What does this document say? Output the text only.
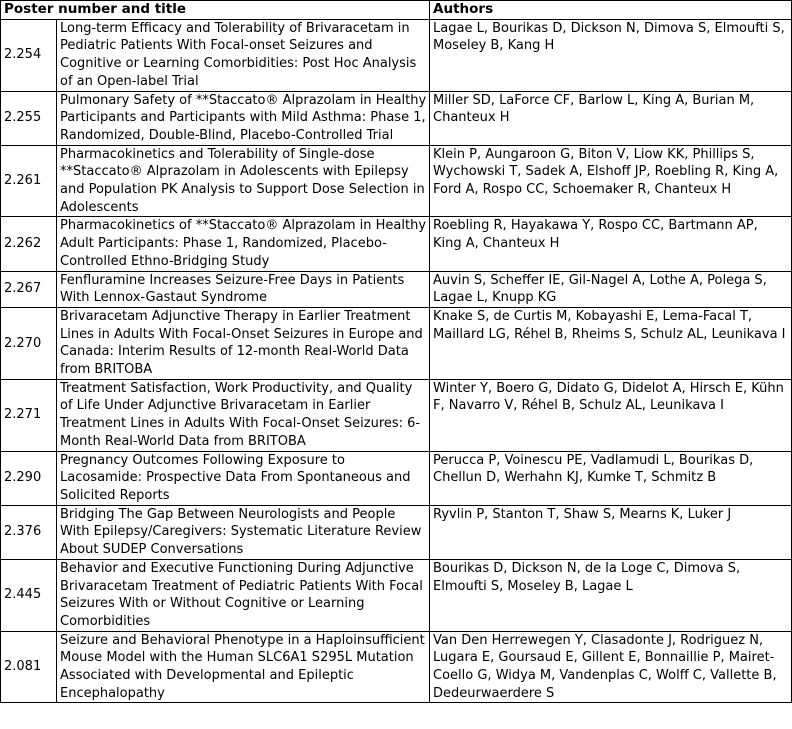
Poster number and title		Authors
2.254	Long-term Efficacy and Tolerability of Brivaracetam in Pediatric Patients With Focal-onset Seizures and Cognitive or Learning Comorbidities: Post Hoc Analysis of an Open-label Trial	Lagae L, Bourikas D, Dickson N, Dimova S, Elmoufti S, Moseley B, Kang H
2.255	Pulmonary Safety of **Staccato® Alprazolam in Healthy Participants and Participants with Mild Asthma: Phase 1, Randomized, Double-Blind, Placebo-Controlled Trial	Miller SD, LaForce CF, Barlow L, King A, Burian M, Chanteux H
2.261	Pharmacokinetics and Tolerability of Single-dose **Staccato® Alprazolam in Adolescents with Epilepsy and Population PK Analysis to Support Dose Selection in Adolescents	Klein P, Aungaroon G, Biton V, Liow KK, Phillips S, Wychowski T, Sadek A, Elshoff JP, Roebling R, King A, Ford A, Rospo CC, Schoemaker R, Chanteux H
2.262	Pharmacokinetics of **Staccato® Alprazolam in Healthy Adult Participants: Phase 1, Randomized, Placebo-Controlled Ethno-Bridging Study	Roebling R, Hayakawa Y, Rospo CC, Bartmann AP, King A, Chanteux H
2.267	Fenfluramine Increases Seizure-Free Days in Patients With Lennox-Gastaut Syndrome	Auvin S, Scheffer IE, Gil-Nagel A, Lothe A, Polega S, Lagae L, Knupp KG
2.270	Brivaracetam Adjunctive Therapy in Earlier Treatment Lines in Adults With Focal-Onset Seizures in Europe and Canada: Interim Results of 12-month Real-World Data from BRITOBA	Knake S, de Curtis M, Kobayashi E, Lema-Facal T, Maillard LG, Réhel B, Rheims S, Schulz AL, Leunikava I
2.271	Treatment Satisfaction, Work Productivity, and Quality of Life Under Adjunctive Brivaracetam in Earlier Treatment Lines in Adults With Focal-Onset Seizures: 6-Month Real-World Data from BRITOBA	Winter Y, Boero G, Didato G, Didelot A, Hirsch E, Kühn F, Navarro V, Réhel B, Schulz AL, Leunikava I
2.290	Pregnancy Outcomes Following Exposure to Lacosamide: Prospective Data From Spontaneous and Solicited Reports	Perucca P, Voinescu PE, Vadlamudi L, Bourikas D, Chellun D, Werhahn KJ, Kumke T, Schmitz B
2.376	Bridging The Gap Between Neurologists and People With Epilepsy/Caregivers: Systematic Literature Review About SUDEP Conversations	Ryvlin P, Stanton T, Shaw S, Mearns K, Luker J
2.445	Behavior and Executive Functioning During Adjunctive Brivaracetam Treatment of Pediatric Patients With Focal Seizures With or Without Cognitive or Learning Comorbidities	Bourikas D, Dickson N, de la Loge C, Dimova S, Elmoufti S, Moseley B, Lagae L
2.081	Seizure and Behavioral Phenotype in a Haploinsufficient Mouse Model with the Human SLC6A1 S295L Mutation Associated with Developmental and Epileptic Encephalopathy	Van Den Herrewegen Y, Clasadonte J, Rodriguez N, Lugara E, Goursaud E, Gillent E, Bonnaillie P, Mairet-Coello G, Widya M, Vandenplas C, Wolff C, Vallette B, Dedeurwaerdere S
